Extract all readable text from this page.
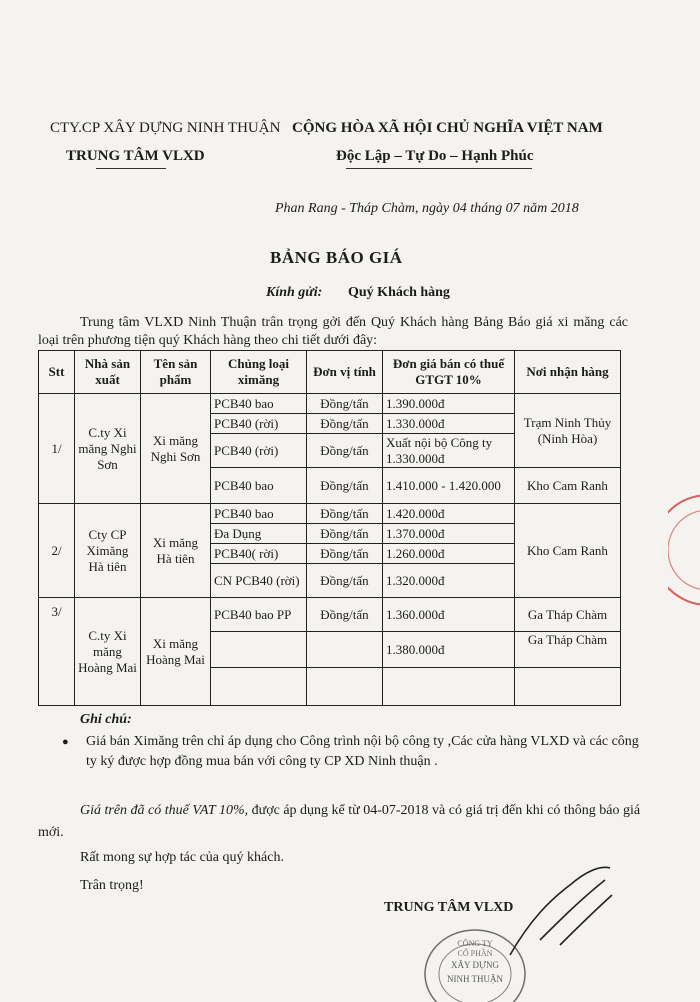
CTY.CP XÂY DỰNG NINH THUẬN
TRUNG TÂM VLXD
CỘNG HÒA XÃ HỘI CHỦ NGHĨA VIỆT NAM
Độc Lập – Tự Do – Hạnh Phúc
Phan Rang - Tháp Chàm, ngày 04 tháng 07 năm 2018
BẢNG BÁO GIÁ
Kính gửi: Quý Khách hàng
Trung tâm VLXD Ninh Thuận trân trọng gởi đến Quý Khách hàng Bảng Báo giá xi măng các loại trên phương tiện quý Khách hàng theo chi tiết dưới đây:
Stt	Nhà sản xuất	Tên sản phẩm	Chủng loại ximăng	Đơn vị tính	Đơn giá bán có thuế GTGT 10%	Nơi nhận hàng
1/	C.ty Xi măng Nghi Sơn	Xi măng Nghi Sơn	PCB40 bao	Đồng/tấn	1.390.000đ	Trạm Ninh Thủy (Ninh Hòa)
			PCB40 (rời)	Đồng/tấn	1.330.000đ	
			PCB40 (rời)	Đồng/tấn	Xuất nội bộ Công ty 1.330.000đ	
			PCB40 bao	Đồng/tấn	1.410.000 - 1.420.000	Kho Cam Ranh
2/	Cty CP Ximăng Hà tiên	Xi măng Hà tiên	PCB40 bao	Đồng/tấn	1.420.000đ	Kho Cam Ranh
			Đa Dụng	Đồng/tấn	1.370.000đ	
			PCB40( rời)	Đồng/tấn	1.260.000đ	
			CN PCB40 (rời)	Đồng/tấn	1.320.000đ	
3/	C.ty Xi măng Hoàng Mai	Xi măng Hoàng Mai	PCB40 bao PP	Đồng/tấn	1.360.000đ	Ga Tháp Chàm
					1.380.000đ	Ga Tháp Chàm

Ghi chú:
● Giá bán Ximăng trên chỉ áp dụng cho Công trình nội bộ công ty ,Các cửa hàng VLXD và các công ty ký được hợp đồng mua bán với công ty CP XD Ninh thuận .
Giá trên đã có thuế VAT 10%, được áp dụng kể từ 04-07-2018 và có giá trị đến khi có thông báo giá mới.
Rất mong sự hợp tác của quý khách.
Trân trọng!
TRUNG TÂM VLXD
CÔNG TY
CỔ PHẦN
XÂY DỰNG
NINH THUẬN
